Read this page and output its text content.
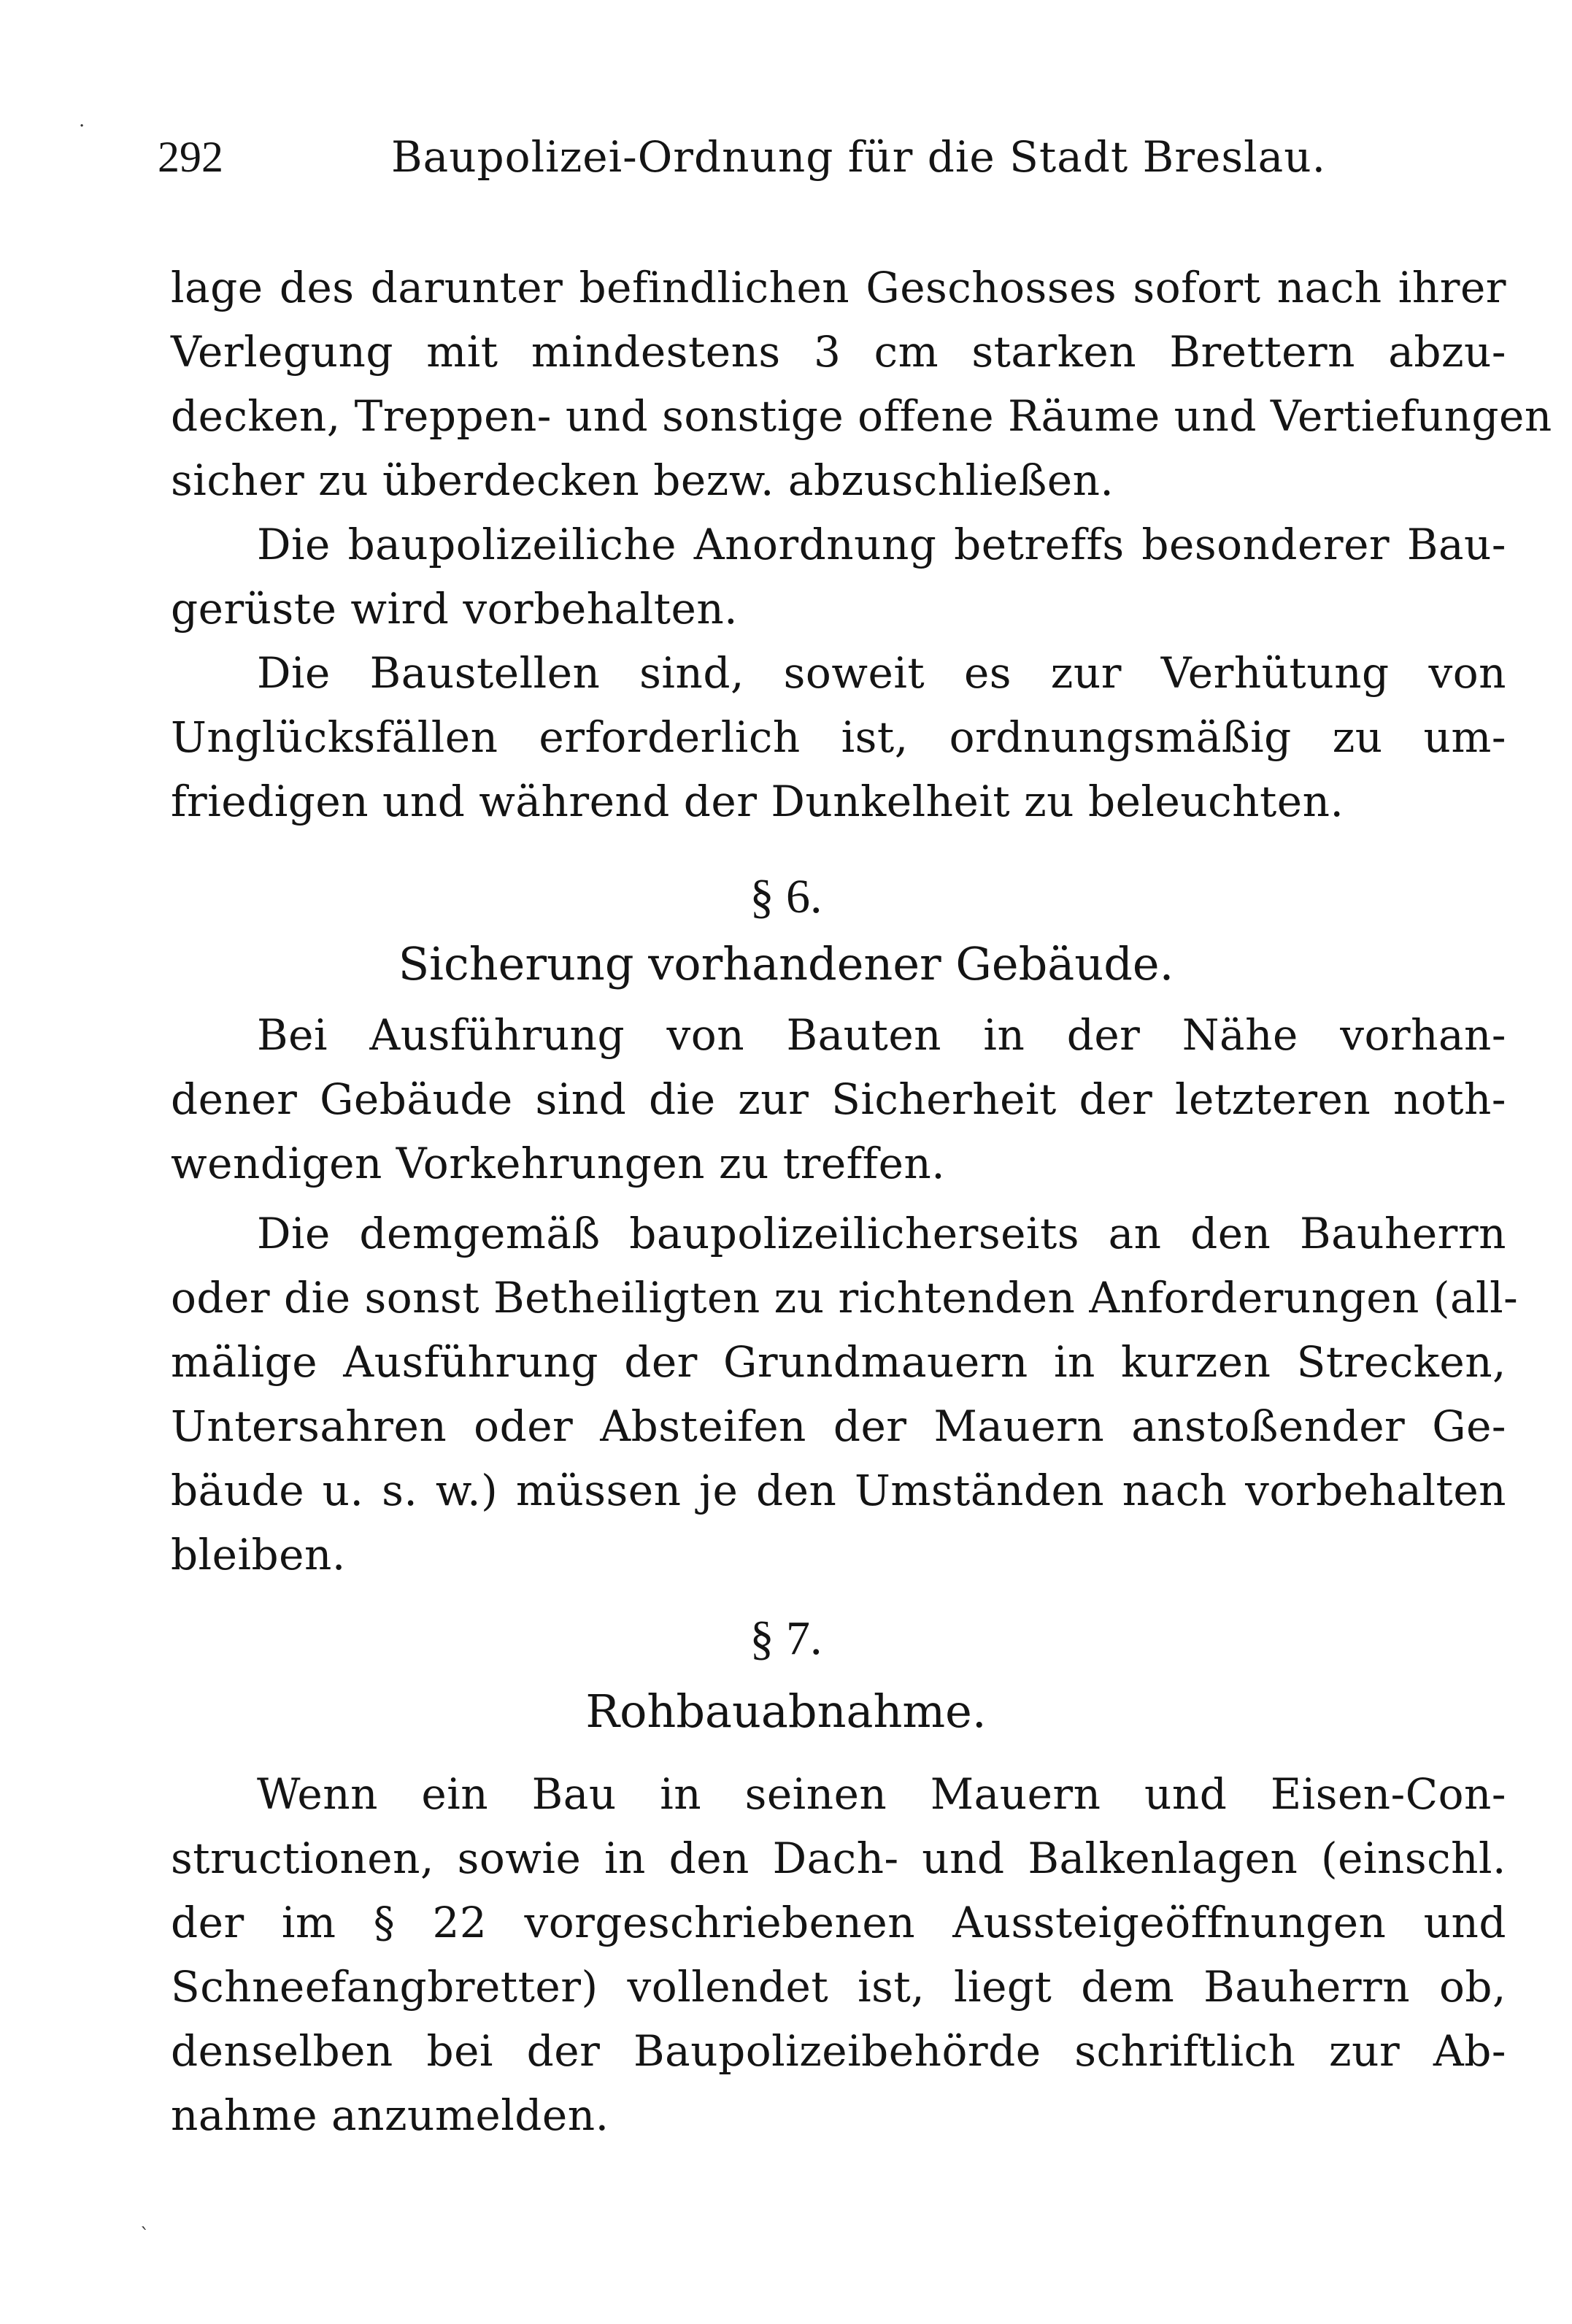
292	Baupolizei-Ordnung für die Stadt Breslau.
lage des darunter befindlichen Geschosses sofort nach ihrer
Verlegung mit mindestens 3 cm starken Brettern abzu-
decken, Treppen- und sonstige offene Räume und Vertiefungen
sicher zu überdecken bezw. abzuschließen.
Die baupolizeiliche Anordnung betreffs besonderer Bau-
gerüste wird vorbehalten.
Die Baustellen sind, soweit es zur Verhütung von
Unglücksfällen erforderlich ist, ordnungsmäßig zu um-
friedigen und während der Dunkelheit zu beleuchten.
§ 6.
Sicherung vorhandener Gebäude.
Bei Ausführung von Bauten in der Nähe vorhan-
dener Gebäude sind die zur Sicherheit der letzteren noth-
wendigen Vorkehrungen zu treffen.
Die demgemäß baupolizeilicherseits an den Bauherrn
oder die sonst Betheiligten zu richtenden Anforderungen (all-
mälige Ausführung der Grundmauern in kurzen Strecken,
Untersahren oder Absteifen der Mauern anstoßender Ge-
bäude u. s. w.) müssen je den Umständen nach vorbehalten
bleiben.
§ 7.
Rohbauabnahme.
Wenn ein Bau in seinen Mauern und Eisen-Con-
structionen, sowie in den Dach- und Balkenlagen (einschl.
der im § 22 vorgeschriebenen Aussteigeöffnungen und
Schneefangbretter) vollendet ist, liegt dem Bauherrn ob,
denselben bei der Baupolizeibehörde schriftlich zur Ab-
nahme anzumelden.
·
ˋ
